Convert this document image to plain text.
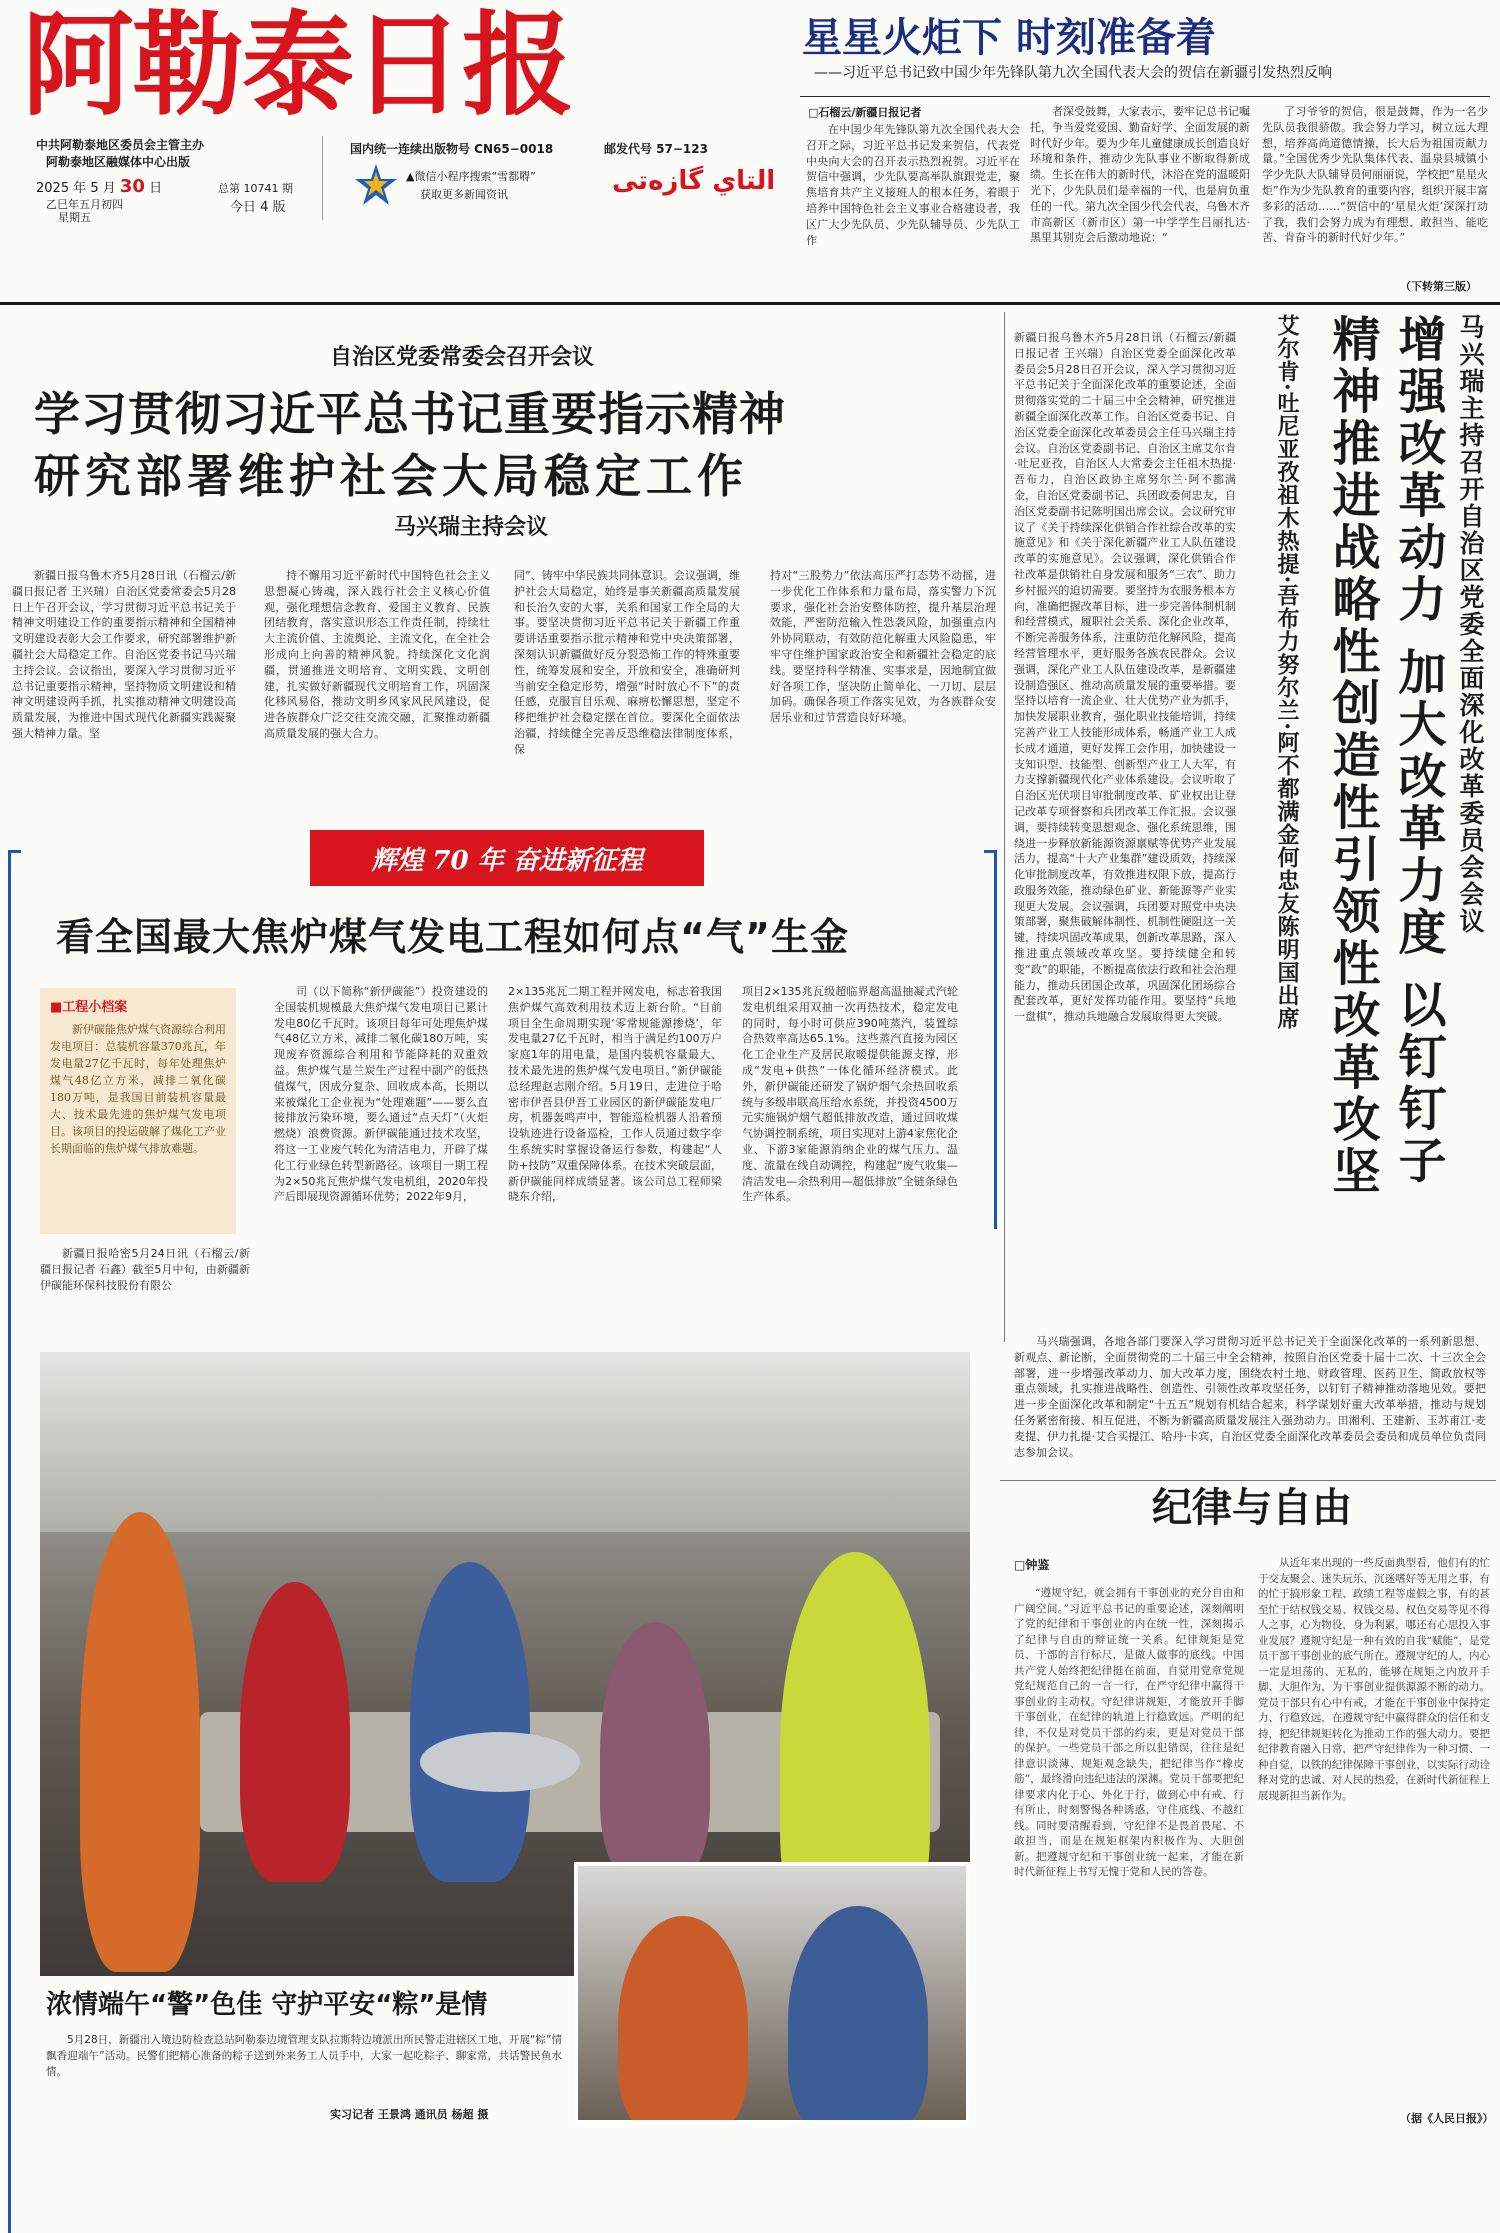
阿勒泰日报
中共阿勒泰地区委员会主管主办
阿勒泰地区融媒体中心出版
2025 年 5 月 30 日
乙巳年五月初四
星期五
总第 10741 期
今日 4 版
国内统一连续出版物号 CN65−0018	邮发代号 57−123
▲微信小程序搜索“雪都嘚”
获取更多新闻资讯	التاي گازەتى
星星火炬下 时刻准备着
——习近平总书记致中国少年先锋队第九次全国代表大会的贺信在新疆引发热烈反响
□石榴云/新疆日报记者
在中国少年先锋队第九次全国代表大会召开之际，习近平总书记发来贺信，代表党中央向大会的召开表示热烈祝贺。习近平在贺信中强调，少先队要高举队旗跟党走，聚焦培育共产主义接班人的根本任务，着眼于培养中国特色社会主义事业合格建设者，我区广大少先队员、少先队辅导员、少先队工作
者深受鼓舞，大家表示，要牢记总书记嘱托，争当爱党爱国、勤奋好学、全面发展的新时代好少年。要为少年儿童健康成长创造良好环境和条件，推动少先队事业不断取得新成绩。生长在伟大的新时代，沐浴在党的温暖阳光下，少先队员们是幸福的一代，也是肩负重任的一代。第九次全国少代会代表，乌鲁木齐市高新区（新市区）第一中学学生吕丽扎达·黑里其别克会后激动地说：“
了习爷爷的贺信，很是鼓舞，作为一名少先队员我很骄傲。我会努力学习，树立远大理想，培养高尚道德情操，长大后为祖国贡献力量。”全国优秀少先队集体代表、温泉县城镇小学少先队大队辅导员何丽丽说，学校把“星星火炬”作为少先队教育的重要内容，组织开展丰富多彩的活动……“贺信中的‘星星火炬’深深打动了我，我们会努力成为有理想、敢担当、能吃苦、肯奋斗的新时代好少年。”
（下转第三版）
自治区党委常委会召开会议
学习贯彻习近平总书记重要指示精神
研究部署维护社会大局稳定工作
马兴瑞主持会议
新疆日报乌鲁木齐5月28日讯（石榴云/新疆日报记者 王兴瑞）自治区党委常委会5月28日上午召开会议，学习贯彻习近平总书记关于精神文明建设工作的重要指示精神和全国精神文明建设表彰大会工作要求，研究部署维护新疆社会大局稳定工作。自治区党委书记马兴瑞主持会议。会议指出，要深入学习贯彻习近平总书记重要指示精神，坚持物质文明建设和精神文明建设两手抓，扎实推动精神文明建设高质量发展，为推进中国式现代化新疆实践凝聚强大精神力量。坚
持不懈用习近平新时代中国特色社会主义思想凝心铸魂，深入践行社会主义核心价值观，强化理想信念教育、爱国主义教育、民族团结教育，落实意识形态工作责任制，持续壮大主流价值、主流舆论、主流文化，在全社会形成向上向善的精神风貌。持续深化文化润疆，贯通推进文明培育、文明实践、文明创建，扎实做好新疆现代文明培育工作，巩固深化移风易俗，推动文明乡风家风民风建设，促进各族群众广泛交往交流交融，汇聚推动新疆高质量发展的强大合力。
同”、铸牢中华民族共同体意识。会议强调，维护社会大局稳定，始终是事关新疆高质量发展和长治久安的大事，关系和国家工作全局的大事。要坚决贯彻习近平总书记关于新疆工作重要讲话重要指示批示精神和党中央决策部署，深刻认识新疆做好反分裂恐怖工作的特殊重要性，统筹发展和安全，开放和安全，准确研判当前安全稳定形势，增强“时时放心不下”的责任感，克服盲目乐观、麻痹松懈思想，坚定不移把维护社会稳定摆在首位。要深化全面依法治疆，持续健全完善反恐维稳法律制度体系，保
持对“三股势力”依法高压严打态势不动摇，进一步优化工作体系和力量布局，落实警力下沉要求，强化社会治安整体防控，提升基层治理效能，严密防范输入性恐袭风险，加强重点内外协同联动，有效防范化解重大风险隐患，牢牢守住维护国家政治安全和新疆社会稳定的底线。要坚持科学精准、实事求是，因地制宜做好各项工作，坚决防止简单化、一刀切、层层加码。确保各项工作落实见效，为各族群众安居乐业和过节营造良好环境。
辉煌 70 年 奋进新征程
看全国最大焦炉煤气发电工程如何点“气”生金
■工程小档案
新伊碳能焦炉煤气资源综合利用发电项目：总装机容量370兆瓦，年发电量27亿千瓦时，每年处理焦炉煤气48亿立方米，减排二氧化碳180万吨，是我国目前装机容量最大、技术最先进的焦炉煤气发电项目。该项目的投运破解了煤化工产业长期面临的焦炉煤气排放难题。
新疆日报哈密5月24日讯（石榴云/新疆日报记者 石鑫）截至5月中旬，由新疆新伊碳能环保科技股份有限公
司（以下简称“新伊碳能”）投资建设的全国装机规模最大焦炉煤气发电项目已累计发电80亿千瓦时。该项目每年可处理焦炉煤气48亿立方米，减排二氧化碳180万吨，实现废弃资源综合利用和节能降耗的双重效益。焦炉煤气是兰炭生产过程中副产的低热值煤气，因成分复杂、回收成本高，长期以来被煤化工企业视为“处理难题”——要么直接排放污染环境，要么通过“点天灯”（火炬燃烧）浪费资源。新伊碳能通过技术攻坚，将这一工业废气转化为清洁电力，开辟了煤化工行业绿色转型新路径。该项目一期工程为2×50兆瓦焦炉煤气发电机组，2020年投产后即展现资源循环优势；2022年9月，
2×135兆瓦二期工程并网发电，标志着我国焦炉煤气高效利用技术迈上新台阶。“目前项目全生命周期实现‘零常规能源掺烧’，年发电量27亿千瓦时，相当于满足约100万户家庭1年的用电量，是国内装机容量最大、技术最先进的焦炉煤气发电项目。”新伊碳能总经理赵志刚介绍。5月19日，走进位于哈密市伊吾县伊吾工业园区的新伊碳能发电厂房，机器轰鸣声中，智能巡检机器人沿着预设轨迹进行设备巡检，工作人员通过数字孪生系统实时掌握设备运行参数，构建起“人防+技防”双重保障体系。在技术突破层面，新伊碳能同样成绩显著。该公司总工程师梁晓东介绍，
项目2×135兆瓦级超临界超高温抽凝式汽轮发电机组采用双抽一次再热技术，稳定发电的同时，每小时可供应390吨蒸汽，装置综合热效率高达65.1%。这些蒸汽直接为园区化工企业生产及居民取暖提供能源支撑，形成“发电+供热”一体化循环经济模式。此外，新伊碳能还研发了锅炉烟气余热回收系统与多级串联高压给水系统，并投资4500万元实施锅炉烟气超低排放改造，通过回收煤气协调控制系统，项目实现对上游4家焦化企业、下游3家能源消纳企业的煤气压力、温度、流量在线自动调控，构建起“废气收集—清洁发电—余热利用—超低排放”全链条绿色生产体系。
浓情端午“警”色佳 守护平安“粽”是情
5月28日，新疆出入境边防检查总站阿勒泰边境管理支队拉斯特边境派出所民警走进辖区工地，开展“粽”情飘香迎端午”活动。民警们把精心准备的粽子送到外来务工人员手中，大家一起吃粽子、聊家常，共话警民鱼水情。
实习记者 王景鸿 通讯员 杨超 摄
新疆日报乌鲁木齐5月28日讯（石榴云/新疆日报记者 王兴瑞）自治区党委全面深化改革委员会5月28日召开会议，深入学习贯彻习近平总书记关于全面深化改革的重要论述，全面贯彻落实党的二十届三中全会精神，研究推进新疆全面深化改革工作。自治区党委书记、自治区党委全面深化改革委员会主任马兴瑞主持会议。自治区党委副书记、自治区主席艾尔肯·吐尼亚孜，自治区人大常委会主任祖木热提·吾布力，自治区政协主席努尔兰·阿不都满金，自治区党委副书记、兵团政委何忠友，自治区党委副书记陈明国出席会议。会议研究审议了《关于持续深化供销合作社综合改革的实施意见》和《关于深化新疆产业工人队伍建设改革的实施意见》。会议强调，深化供销合作社改革是供销社自身发展和服务“三农”、助力乡村振兴的迫切需要。要坚持为农服务根本方向，准确把握改革目标，进一步完善体制机制和经营模式，履职社会关系、深化企业改革，不断完善服务体系，注重防范化解风险，提高经营管理水平，更好服务各族农民群众。会议强调，深化产业工人队伍建设改革，是新疆建设制造强区、推动高质量发展的重要举措。要坚持以培育一流企业、壮大优势产业为抓手，加快发展职业教育，强化职业技能培训，持续完善产业工人技能形成体系，畅通产业工人成长成才通道，更好发挥工会作用，加快建设一支知识型、技能型、创新型产业工人大军，有力支撑新疆现代化产业体系建设。会议听取了自治区光伏项目审批制度改革、矿业权出让登记改革专项督察和兵团改革工作汇报。会议强调，要持续转变思想观念、强化系统思维，围绕进一步释放新能源资源禀赋等优势产业发展活力，提高“十大产业集群”建设质效，持续深化审批制度改革，有效推进权限下放，提高行政服务效能，推动绿色矿业、新能源等产业实现更大发展。会议强调，兵团要对照党中央决策部署，聚焦破解体制性、机制性硬阻这一关键，持续巩固改革成果，创新改革思路，深入推进重点领域改革攻坚。要持续健全和转变“政”的职能，不断提高依法行政和社会治理能力，推动兵团国企改革，巩固深化团场综合配套改革，更好发挥功能作用。要坚持“兵地一盘棋”，推动兵地融合发展取得更大突破。
马兴瑞主持召开自治区党委全面深化改革委员会会议
增强改革动力 加大改革力度 以钉钉子
精神推进战略性创造性引领性改革攻坚
艾尔肯·吐尼亚孜祖木热提·吾布力努尔兰·阿不都满金何忠友陈明国出席
马兴瑞强调，各地各部门要深入学习贯彻习近平总书记关于全面深化改革的一系列新思想、新观点、新论断，全面贯彻党的二十届三中全会精神，按照自治区党委十届十二次、十三次全会部署，进一步增强改革动力、加大改革力度，围绕农村土地、财政管理、医药卫生、简政放权等重点领域，扎实推进战略性、创造性、引领性改革攻坚任务，以钉钉子精神推动落地见效。要把进一步全面深化改革和制定“十五五”规划有机结合起来，科学谋划好重大改革举措，推动与规划任务紧密衔接、相互促进，不断为新疆高质量发展注入强劲动力。田湘利、王建新、玉苏甫江·麦麦提、伊力扎提·艾合买提江、哈丹·卡宾，自治区党委全面深化改革委员会委员和成员单位负责同志参加会议。
纪律与自由
□钟鉴
“遵规守纪，就会拥有干事创业的充分自由和广阔空间。”习近平总书记的重要论述，深刻阐明了党的纪律和干事创业的内在统一性，深刻揭示了纪律与自由的辩证统一关系。纪律规矩是党员、干部的言行标尺，是做人做事的底线。中国共产党人始终把纪律挺在前面，自觉用党章党规党纪规范自己的一言一行，在严守纪律中赢得干事创业的主动权。守纪律讲规矩，才能放开手脚干事创业，在纪律的轨道上行稳致远。严明的纪律，不仅是对党员干部的约束，更是对党员干部的保护。一些党员干部之所以犯错误，往往是纪律意识淡薄、规矩观念缺失，把纪律当作“橡皮筋”，最终滑向违纪违法的深渊。党员干部要把纪律要求内化于心、外化于行，做到心中有戒、行有所止，时刻警惕各种诱惑，守住底线、不越红线。同时要清醒看到，守纪律不是畏首畏尾、不敢担当，而是在规矩框架内积极作为、大胆创新。把遵规守纪和干事创业统一起来，才能在新时代新征程上书写无愧于党和人民的答卷。
从近年来出现的一些反面典型看，他们有的忙于交友聚会、迷失玩乐，沉迷嗜好等无用之事，有的忙于搞形象工程、政绩工程等虚假之事，有的甚至忙于结权钱交易、权钱交易、权色交易等见不得人之事，心为物役，身为利累，哪还有心思投入事业发展？遵规守纪是一种有效的自我“赋能”，是党员干部干事创业的底气所在。遵规守纪的人，内心一定是坦荡的、无私的，能够在规矩之内放开手脚、大胆作为，为干事创业提供源源不断的动力。党员干部只有心中有戒，才能在干事创业中保持定力、行稳致远，在遵规守纪中赢得群众的信任和支持，把纪律规矩转化为推动工作的强大动力。要把纪律教育融入日常，把严守纪律作为一种习惯、一种自觉，以铁的纪律保障干事创业，以实际行动诠释对党的忠诚、对人民的热爱，在新时代新征程上展现新担当新作为。
（据《人民日报》）
